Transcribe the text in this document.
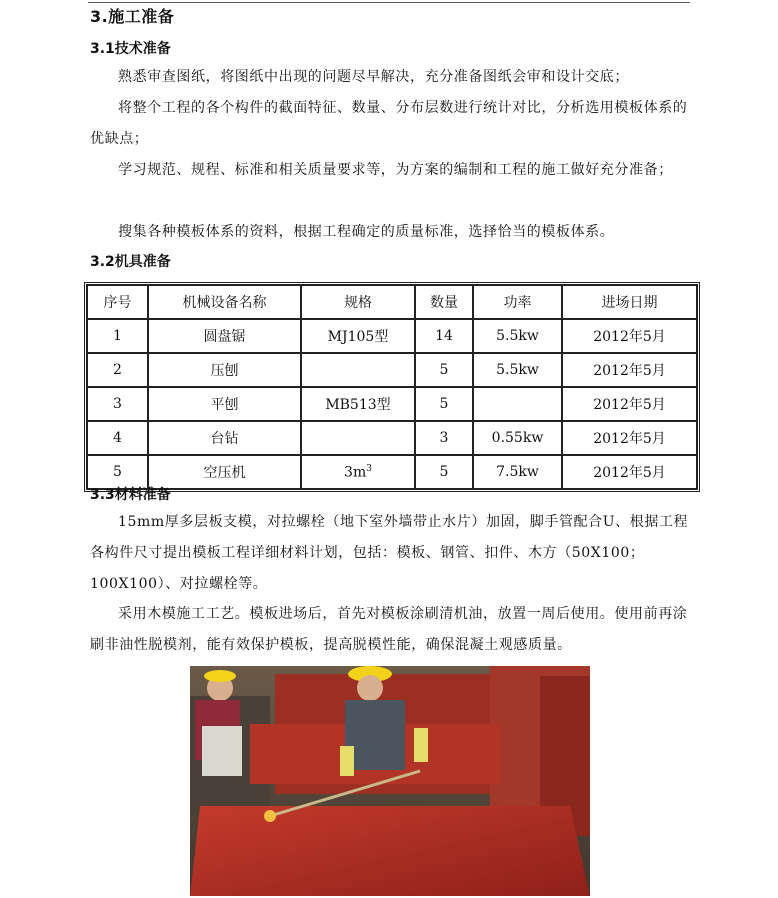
3.施工准备
3.1技术准备
熟悉审查图纸，将图纸中出现的问题尽早解决，充分准备图纸会审和设计交底；
将整个工程的各个构件的截面特征、数量、分布层数进行统计对比，分析选用模板体系的优缺点；
学习规范、规程、标准和相关质量要求等，为方案的编制和工程的施工做好充分准备；
搜集各种模板体系的资料，根据工程确定的质量标准，选择恰当的模板体系。
3.2机具准备
序号	机械设备名称	规格	数量	功率	进场日期
1	圆盘锯	MJ105型	14	5.5kw	2012年5月
2	压刨		5	5.5kw	2012年5月
3	平刨	MB513型	5		2012年5月
4	台钻		3	0.55kw	2012年5月
5	空压机	$3m^3$	5	7.5kw	2012年5月
3.3材料准备
15mm厚多层板支模，对拉螺栓（地下室外墙带止水片）加固，脚手管配合U、根据工程各构件尺寸提出模板工程详细材料计划，包括：模板、钢管、扣件、木方（50X100；100X100）、对拉螺栓等。
采用木模施工工艺。模板进场后，首先对模板涂刷清机油，放置一周后使用。使用前再涂刷非油性脱模剂，能有效保护模板，提高脱模性能，确保混凝土观感质量。
